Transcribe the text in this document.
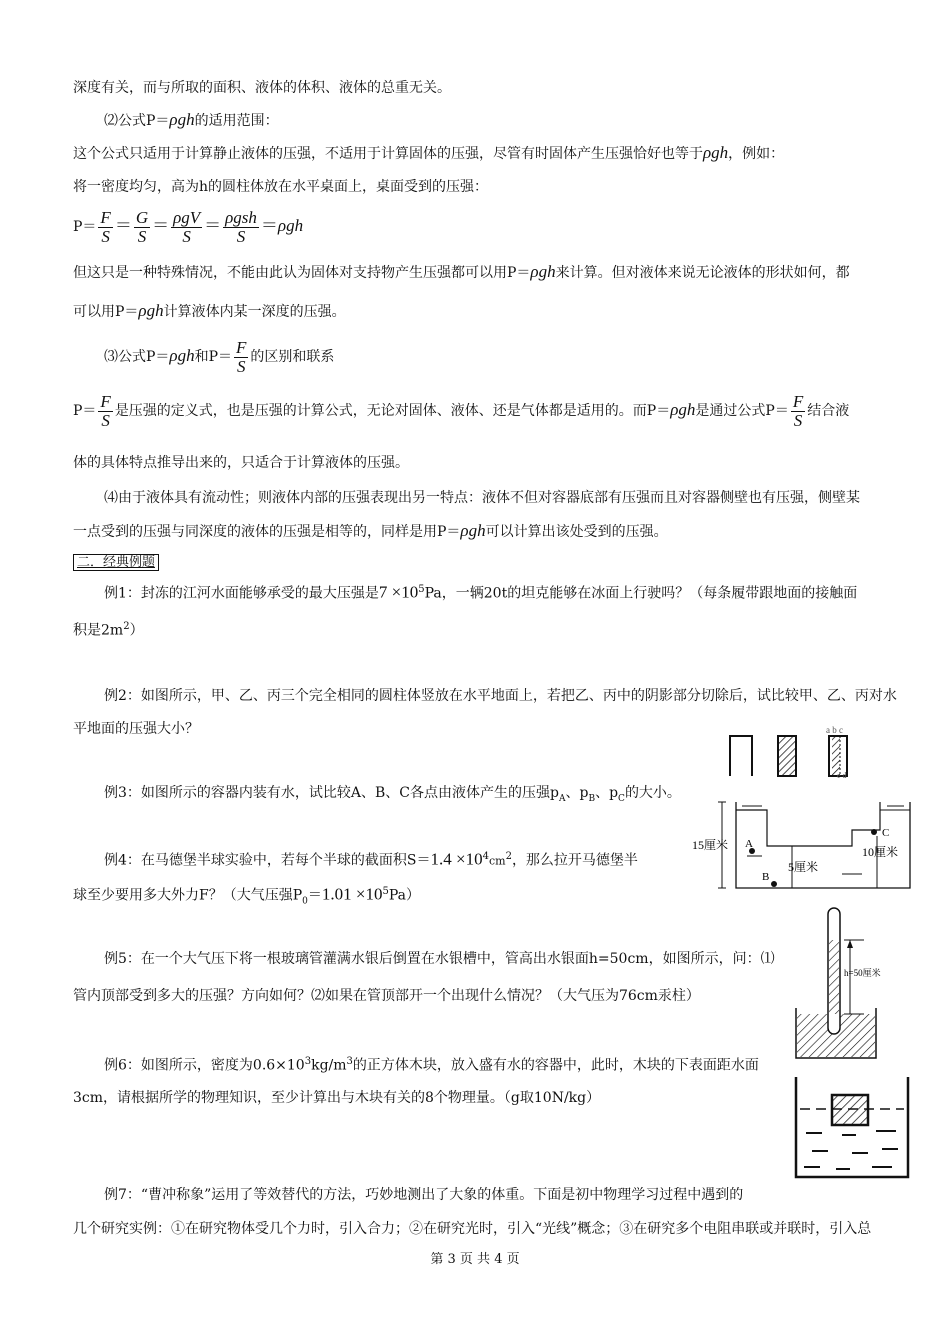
深度有关，而与所取的面积、液体的体积、液体的总重无关。
⑵公式P＝ρgh的适用范围：
这个公式只适用于计算静止液体的压强，不适用于计算固体的压强，尽管有时固体产生压强恰好也等于ρgh，例如：
将一密度均匀，高为h的圆柱体放在水平桌面上，桌面受到的压强：
$P= \frac{F}{S} = \frac{G}{S} = \frac{\text{ρgV}}{S} = \frac{\text{ρgsh}}{S} =\rho gh$
但这只是一种特殊情况，不能由此认为固体对支持物产生压强都可以用P＝ρgh来计算。但对液体来说无论液体的形状如何，都
可以用P＝ρgh计算液体内某一深度的压强。
⑶公式P＝ρgh和$P= \frac{F}{S}$ 的区别和联系
$P= \frac{F}{S}$ 是压强的定义式，也是压强的计算公式，无论对固体、液体、还是气体都是适用的。而P＝ρgh是通过公式$P= \frac{F}{S}$ 结合液
体的具体特点推导出来的，只适合于计算液体的压强。
⑷由于液体具有流动性；则液体内部的压强表现出另一特点：液体不但对容器底部有压强而且对容器侧壁也有压强，侧壁某
一点受到的压强与同深度的液体的压强是相等的，同样是用P＝ρgh可以计算出该处受到的压强。
二．经典例题
例1：封冻的江河水面能够承受的最大压强是$7 \times 10^5Pa$，一辆20t的坦克能够在冰面上行驶吗？（每条履带跟地面的接触面
积是$2m^2$）
例2：如图所示，甲、乙、丙三个完全相同的圆柱体竖放在水平地面上，若把乙、丙中的阴影部分切除后，试比较甲、乙、丙对水
平地面的压强大小？
例3：如图所示的容器内装有水，试比较A、B、C各点由液体产生的压强$p_A$、$p_B$、$p_C$的大小。
例4：在马德堡半球实验中，若每个半球的截面积$S=1.4 \times 10^4cm^2$，那么拉开马德堡半
球至少要用多大外力F？（大气压强$P_0=1.01 \times 10^5Pa$）
例5：在一个大气压下将一根玻璃管灌满水银后倒置在水银槽中，管高出水银面h=50cm，如图所示，问：⑴
管内顶部受到多大的压强？方向如何？⑵如果在管顶部开一个出现什么情况？（大气压为76cm汞柱）
例6：如图所示，密度为$0.6\times 10^3kg/m^3$的正方体木块，放入盛有水的容器中，此时，木块的下表面距水面
3cm，请根据所学的物理知识，至少计算出与木块有关的8个物理量。（g取10N/kg）
例7：“曹冲称象”运用了等效替代的方法，巧妙地测出了大象的体重。下面是初中物理学习过程中遇到的
几个研究实例：①在研究物体受几个力时，引入合力；②在研究光时，引入“光线”概念；③在研究多个电阻串联或并联时，引入总
第 3 页 共 4 页
a b c
e d
15厘米	10厘米
5厘米
A
B
C
h=50厘米
